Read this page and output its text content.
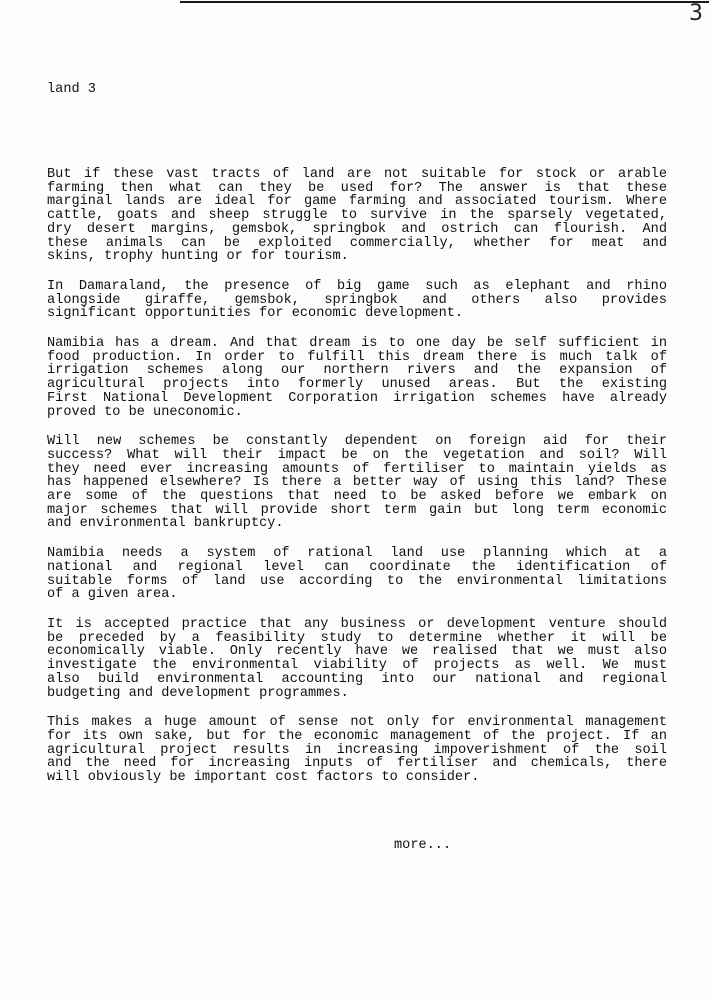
3
land 3
But if these vast tracts of land are not suitable for stock or arable
farming then what can they be used for? The answer is that these
marginal lands are ideal for game farming and associated tourism. Where
cattle, goats and sheep struggle to survive in the sparsely vegetated,
dry desert margins, gemsbok, springbok and ostrich can flourish. And
these animals can be exploited commercially, whether for meat and
skins, trophy hunting or for tourism.
In Damaraland, the presence of big game such as elephant and rhino
alongside giraffe, gemsbok, springbok and others also provides
significant opportunities for economic development.
Namibia has a dream. And that dream is to one day be self sufficient in
food production. In order to fulfill this dream there is much talk of
irrigation schemes along our northern rivers and the expansion of
agricultural projects into formerly unused areas. But the existing
First National Development Corporation irrigation schemes have already
proved to be uneconomic.
Will new schemes be constantly dependent on foreign aid for their
success? What will their impact be on the vegetation and soil? Will
they need ever increasing amounts of fertiliser to maintain yields as
has happened elsewhere? Is there a better way of using this land? These
are some of the questions that need to be asked before we embark on
major schemes that will provide short term gain but long term economic
and environmental bankruptcy.
Namibia needs a system of rational land use planning which at a
national and regional level can coordinate the identification of
suitable forms of land use according to the environmental limitations
of a given area.
It is accepted practice that any business or development venture should
be preceded by a feasibility study to determine whether it will be
economically viable. Only recently have we realised that we must also
investigate the environmental viability of projects as well. We must
also build environmental accounting into our national and regional
budgeting and development programmes.
This makes a huge amount of sense not only for environmental management
for its own sake, but for the economic management of the project. If an
agricultural project results in increasing impoverishment of the soil
and the need for increasing inputs of fertiliser and chemicals, there
will obviously be important cost factors to consider.
more...
